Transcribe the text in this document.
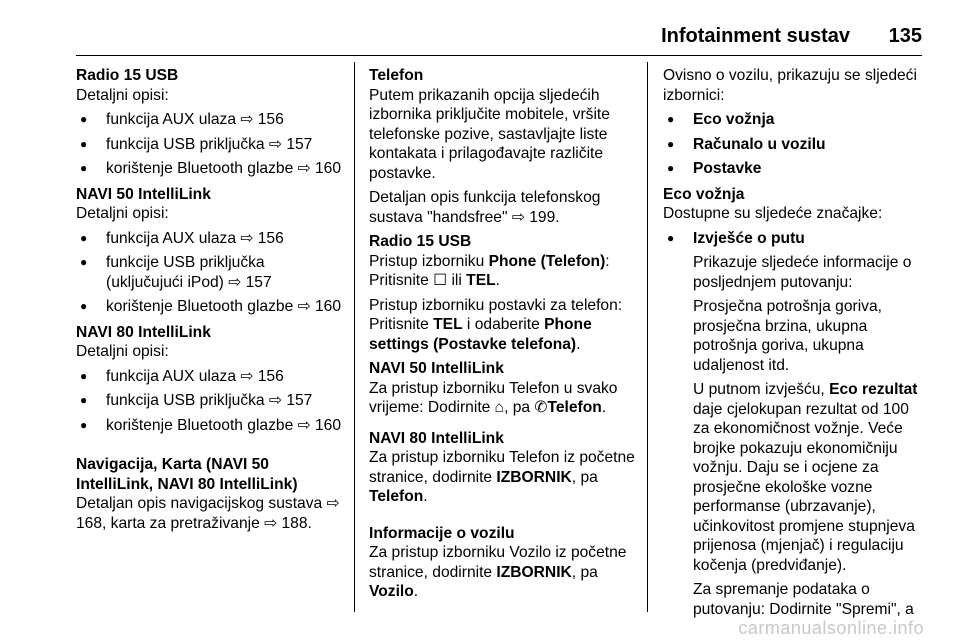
Infotainment sustav 135

Radio 15 USB

Detaljni opisi:

● funkcija AUX ulaza ⇨ 156
● funkcija USB priključka ⇨ 157
● korištenje Bluetooth glazbe ⇨ 160

NAVI 50 IntelliLink

Detaljni opisi:

● funkcija AUX ulaza ⇨ 156
● funkcije USB priključka (uključujući iPod) ⇨ 157
● korištenje Bluetooth glazbe ⇨ 160

NAVI 80 IntelliLink

Detaljni opisi:

● funkcija AUX ulaza ⇨ 156
● funkcija USB priključka ⇨ 157
● korištenje Bluetooth glazbe ⇨ 160

Navigacija, Karta (NAVI 50 IntelliLink, NAVI 80 IntelliLink)

Detaljan opis navigacijskog sustava ⇨ 168, karta za pretraživanje ⇨ 188.

Telefon

Putem prikazanih opcija sljedećih izbornika priključite mobitele, vršite telefonske pozive, sastavljajte liste kontakata i prilagođavajte različite postavke.

Detaljan opis funkcija telefonskog sustava "handsfree" ⇨ 199.

Radio 15 USB

Pristup izborniku Phone (Telefon):
Pritisnite ☐ ili TEL.

Pristup izborniku postavki za telefon: Pritisnite TEL i odaberite Phone settings (Postavke telefona).

NAVI 50 IntelliLink

Za pristup izborniku Telefon u svako vrijeme: Dodirnite ⌂, pa ✆Telefon.

NAVI 80 IntelliLink

Za pristup izborniku Telefon iz početne stranice, dodirnite IZBORNIK, pa Telefon.

Informacije o vozilu

Za pristup izborniku Vozilo iz početne stranice, dodirnite IZBORNIK, pa Vozilo.

Ovisno o vozilu, prikazuju se sljedeći izbornici:

● Eco vožnja
● Računalo u vozilu
● Postavke

Eco vožnja

Dostupne su sljedeće značajke:

● Izvješće o putu

Prikazuje sljedeće informacije o posljednjem putovanju:

Prosječna potrošnja goriva, prosječna brzina, ukupna potrošnja goriva, ukupna udaljenost itd.

U putnom izvješću, Eco rezultat daje cjelokupan rezultat od 100 za ekonomičnost vožnje. Veće brojke pokazuju ekonomičniju vožnju. Daju se i ocjene za prosječne ekološke vozne performanse (ubrzavanje), učinkovitost promjene stupnjeva prijenosa (mjenjač) i regulaciju kočenja (predviđanje).

Za spremanje podataka o putovanju: Dodirnite "Spremi", a

carmanualsonline.info
